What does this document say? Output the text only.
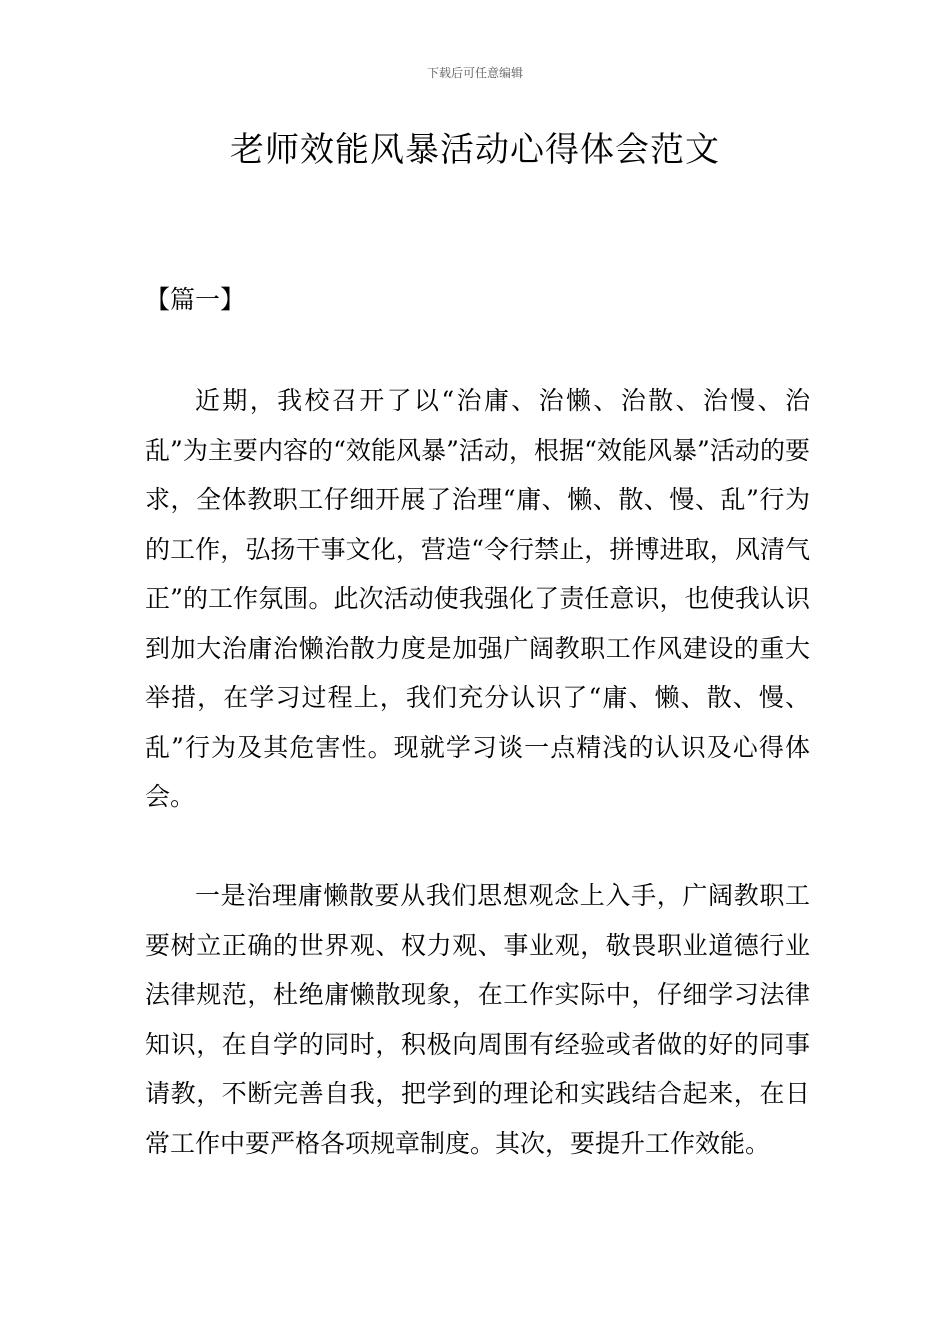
下载后可任意编辑
老师效能风暴活动心得体会范文
【篇一】

近期，我校召开了以“治庸、治懒、治散、治慢、治乱”为主要内容的“效能风暴”活动，根据“效能风暴”活动的要求，全体教职工仔细开展了治理“庸、懒、散、慢、乱”行为的工作，弘扬干事文化，营造“令行禁止，拼博进取，风清气正”的工作氛围。此次活动使我强化了责任意识，也使我认识到加大治庸治懒治散力度是加强广阔教职工作风建设的重大举措，在学习过程上，我们充分认识了“庸、懒、散、慢、乱”行为及其危害性。现就学习谈一点精浅的认识及心得体会。

一是治理庸懒散要从我们思想观念上入手，广阔教职工要树立正确的世界观、权力观、事业观，敬畏职业道德行业法律规范，杜绝庸懒散现象，在工作实际中，仔细学习法律知识，在自学的同时，积极向周围有经验或者做的好的同事请教，不断完善自我，把学到的理论和实践结合起来，在日常工作中要严格各项规章制度。其次，要提升工作效能。
